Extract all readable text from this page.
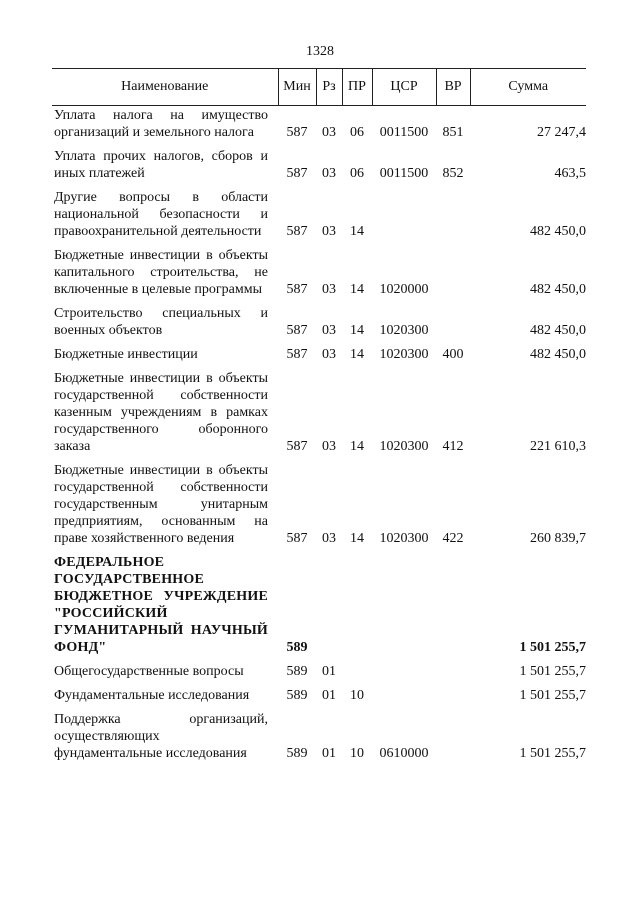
1328
Наименование	Мин	Рз	ПР	ЦСР	ВР	Сумма
Уплата налога на имущество организаций и земельного налога	587	03	06	0011500	851	27 247,4
Уплата прочих налогов, сборов и иных платежей	587	03	06	0011500	852	463,5
Другие вопросы в области национальной безопасности и правоохранительной деятельности	587	03	14			482 450,0
Бюджетные инвестиции в объекты капитального строительства, не включенные в целевые программы	587	03	14	1020000		482 450,0
Строительство специальных и военных объектов	587	03	14	1020300		482 450,0
Бюджетные инвестиции	587	03	14	1020300	400	482 450,0
Бюджетные инвестиции в объекты государственной собственности казенным учреждениям в рамках государственного оборонного заказа	587	03	14	1020300	412	221 610,3
Бюджетные инвестиции в объекты государственной собственности государственным унитарным предприятиям, основанным на праве хозяйственного ведения	587	03	14	1020300	422	260 839,7
ФЕДЕРАЛЬНОЕ ГОСУДАРСТВЕННОЕ БЮДЖЕТНОЕ УЧРЕЖДЕНИЕ "РОССИЙСКИЙ ГУМАНИТАРНЫЙ НАУЧНЫЙ ФОНД"	589					1 501 255,7
Общегосударственные вопросы	589	01				1 501 255,7
Фундаментальные исследования	589	01	10			1 501 255,7
Поддержка организаций, осуществляющих фундаментальные исследования	589	01	10	0610000		1 501 255,7
